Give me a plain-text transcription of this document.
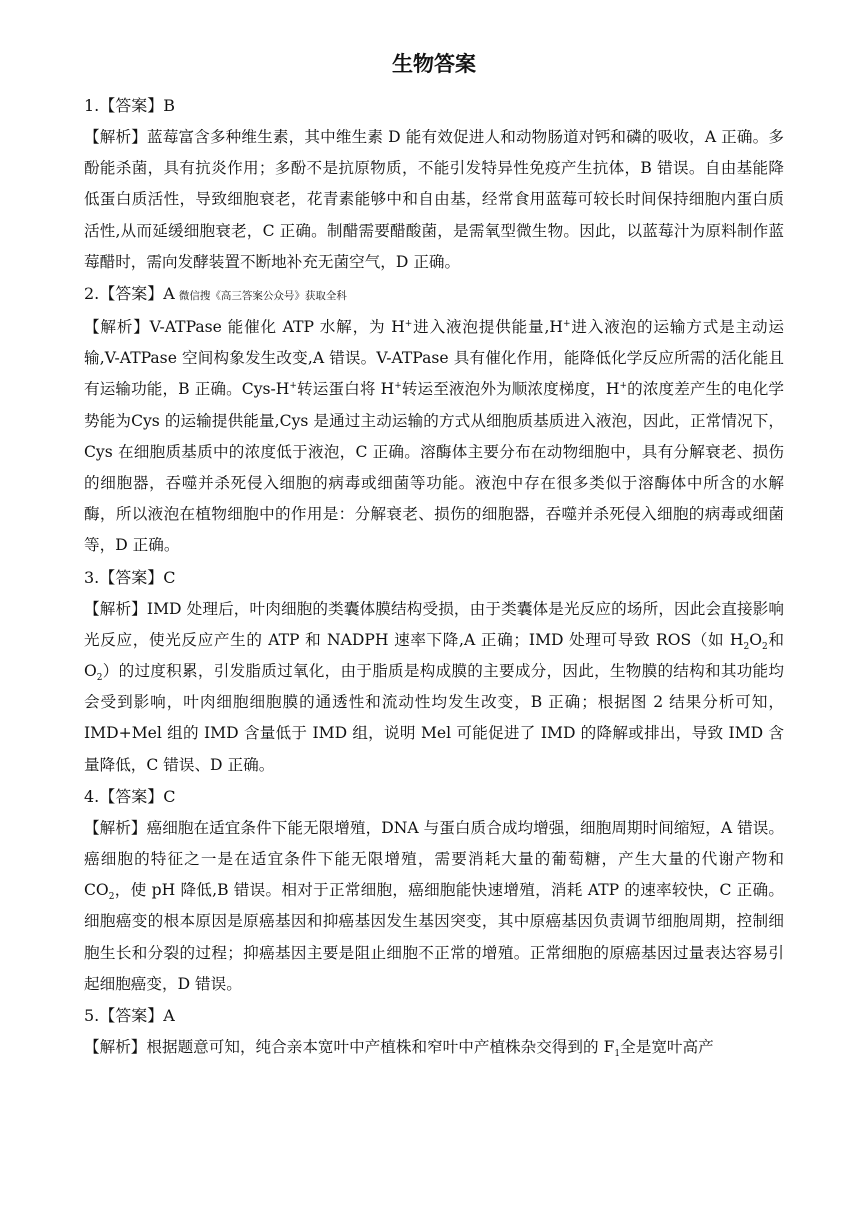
生物答案
1.【答案】B
【解析】蓝莓富含多种维生素，其中维生素 D 能有效促进人和动物肠道对钙和磷的吸收，A 正确。多酚能杀菌，具有抗炎作用；多酚不是抗原物质，不能引发特异性免疫产生抗体，B 错误。自由基能降低蛋白质活性，导致细胞衰老，花青素能够中和自由基，经常食用蓝莓可较长时间保持细胞内蛋白质活性,从而延缓细胞衰老，C 正确。制醋需要醋酸菌，是需氧型微生物。因此，以蓝莓汁为原料制作蓝莓醋时，需向发酵装置不断地补充无菌空气，D 正确。
2.【答案】A 微信搜《高三答案公众号》获取全科
【解析】V-ATPase 能催化 ATP 水解，为 H+进入液泡提供能量,H+进入液泡的运输方式是主动运输,V-ATPase 空间构象发生改变,A 错误。V-ATPase 具有催化作用，能降低化学反应所需的活化能且有运输功能，B 正确。Cys-H+转运蛋白将 H+转运至液泡外为顺浓度梯度，H+的浓度差产生的电化学势能为Cys 的运输提供能量,Cys 是通过主动运输的方式从细胞质基质进入液泡，因此，正常情况下，Cys 在细胞质基质中的浓度低于液泡，C 正确。溶酶体主要分布在动物细胞中，具有分解衰老、损伤的细胞器，吞噬并杀死侵入细胞的病毒或细菌等功能。液泡中存在很多类似于溶酶体中所含的水解酶，所以液泡在植物细胞中的作用是：分解衰老、损伤的细胞器，吞噬并杀死侵入细胞的病毒或细菌等，D 正确。
3.【答案】C
【解析】IMD 处理后，叶肉细胞的类囊体膜结构受损，由于类囊体是光反应的场所，因此会直接影响光反应，使光反应产生的 ATP 和 NADPH 速率下降,A 正确；IMD 处理可导致 ROS（如 $H_2O_2$和 $O_2$）的过度积累，引发脂质过氧化，由于脂质是构成膜的主要成分，因此，生物膜的结构和其功能均会受到影响，叶肉细胞细胞膜的通透性和流动性均发生改变，B 正确；根据图 2 结果分析可知，IMD+Mel 组的 IMD 含量低于 IMD 组，说明 Mel 可能促进了 IMD 的降解或排出，导致 IMD 含量降低，C 错误、D 正确。
4.【答案】C
【解析】癌细胞在适宜条件下能无限增殖，DNA 与蛋白质合成均增强，细胞周期时间缩短，A 错误。癌细胞的特征之一是在适宜条件下能无限增殖，需要消耗大量的葡萄糖，产生大量的代谢产物和 $CO_2$，使 pH 降低,B 错误。相对于正常细胞，癌细胞能快速增殖，消耗 ATP 的速率较快，C 正确。细胞癌变的根本原因是原癌基因和抑癌基因发生基因突变，其中原癌基因负责调节细胞周期，控制细胞生长和分裂的过程；抑癌基因主要是阻止细胞不正常的增殖。正常细胞的原癌基因过量表达容易引起细胞癌变，D 错误。
5.【答案】A
【解析】根据题意可知，纯合亲本宽叶中产植株和窄叶中产植株杂交得到的 $F_1$全是宽叶高产
